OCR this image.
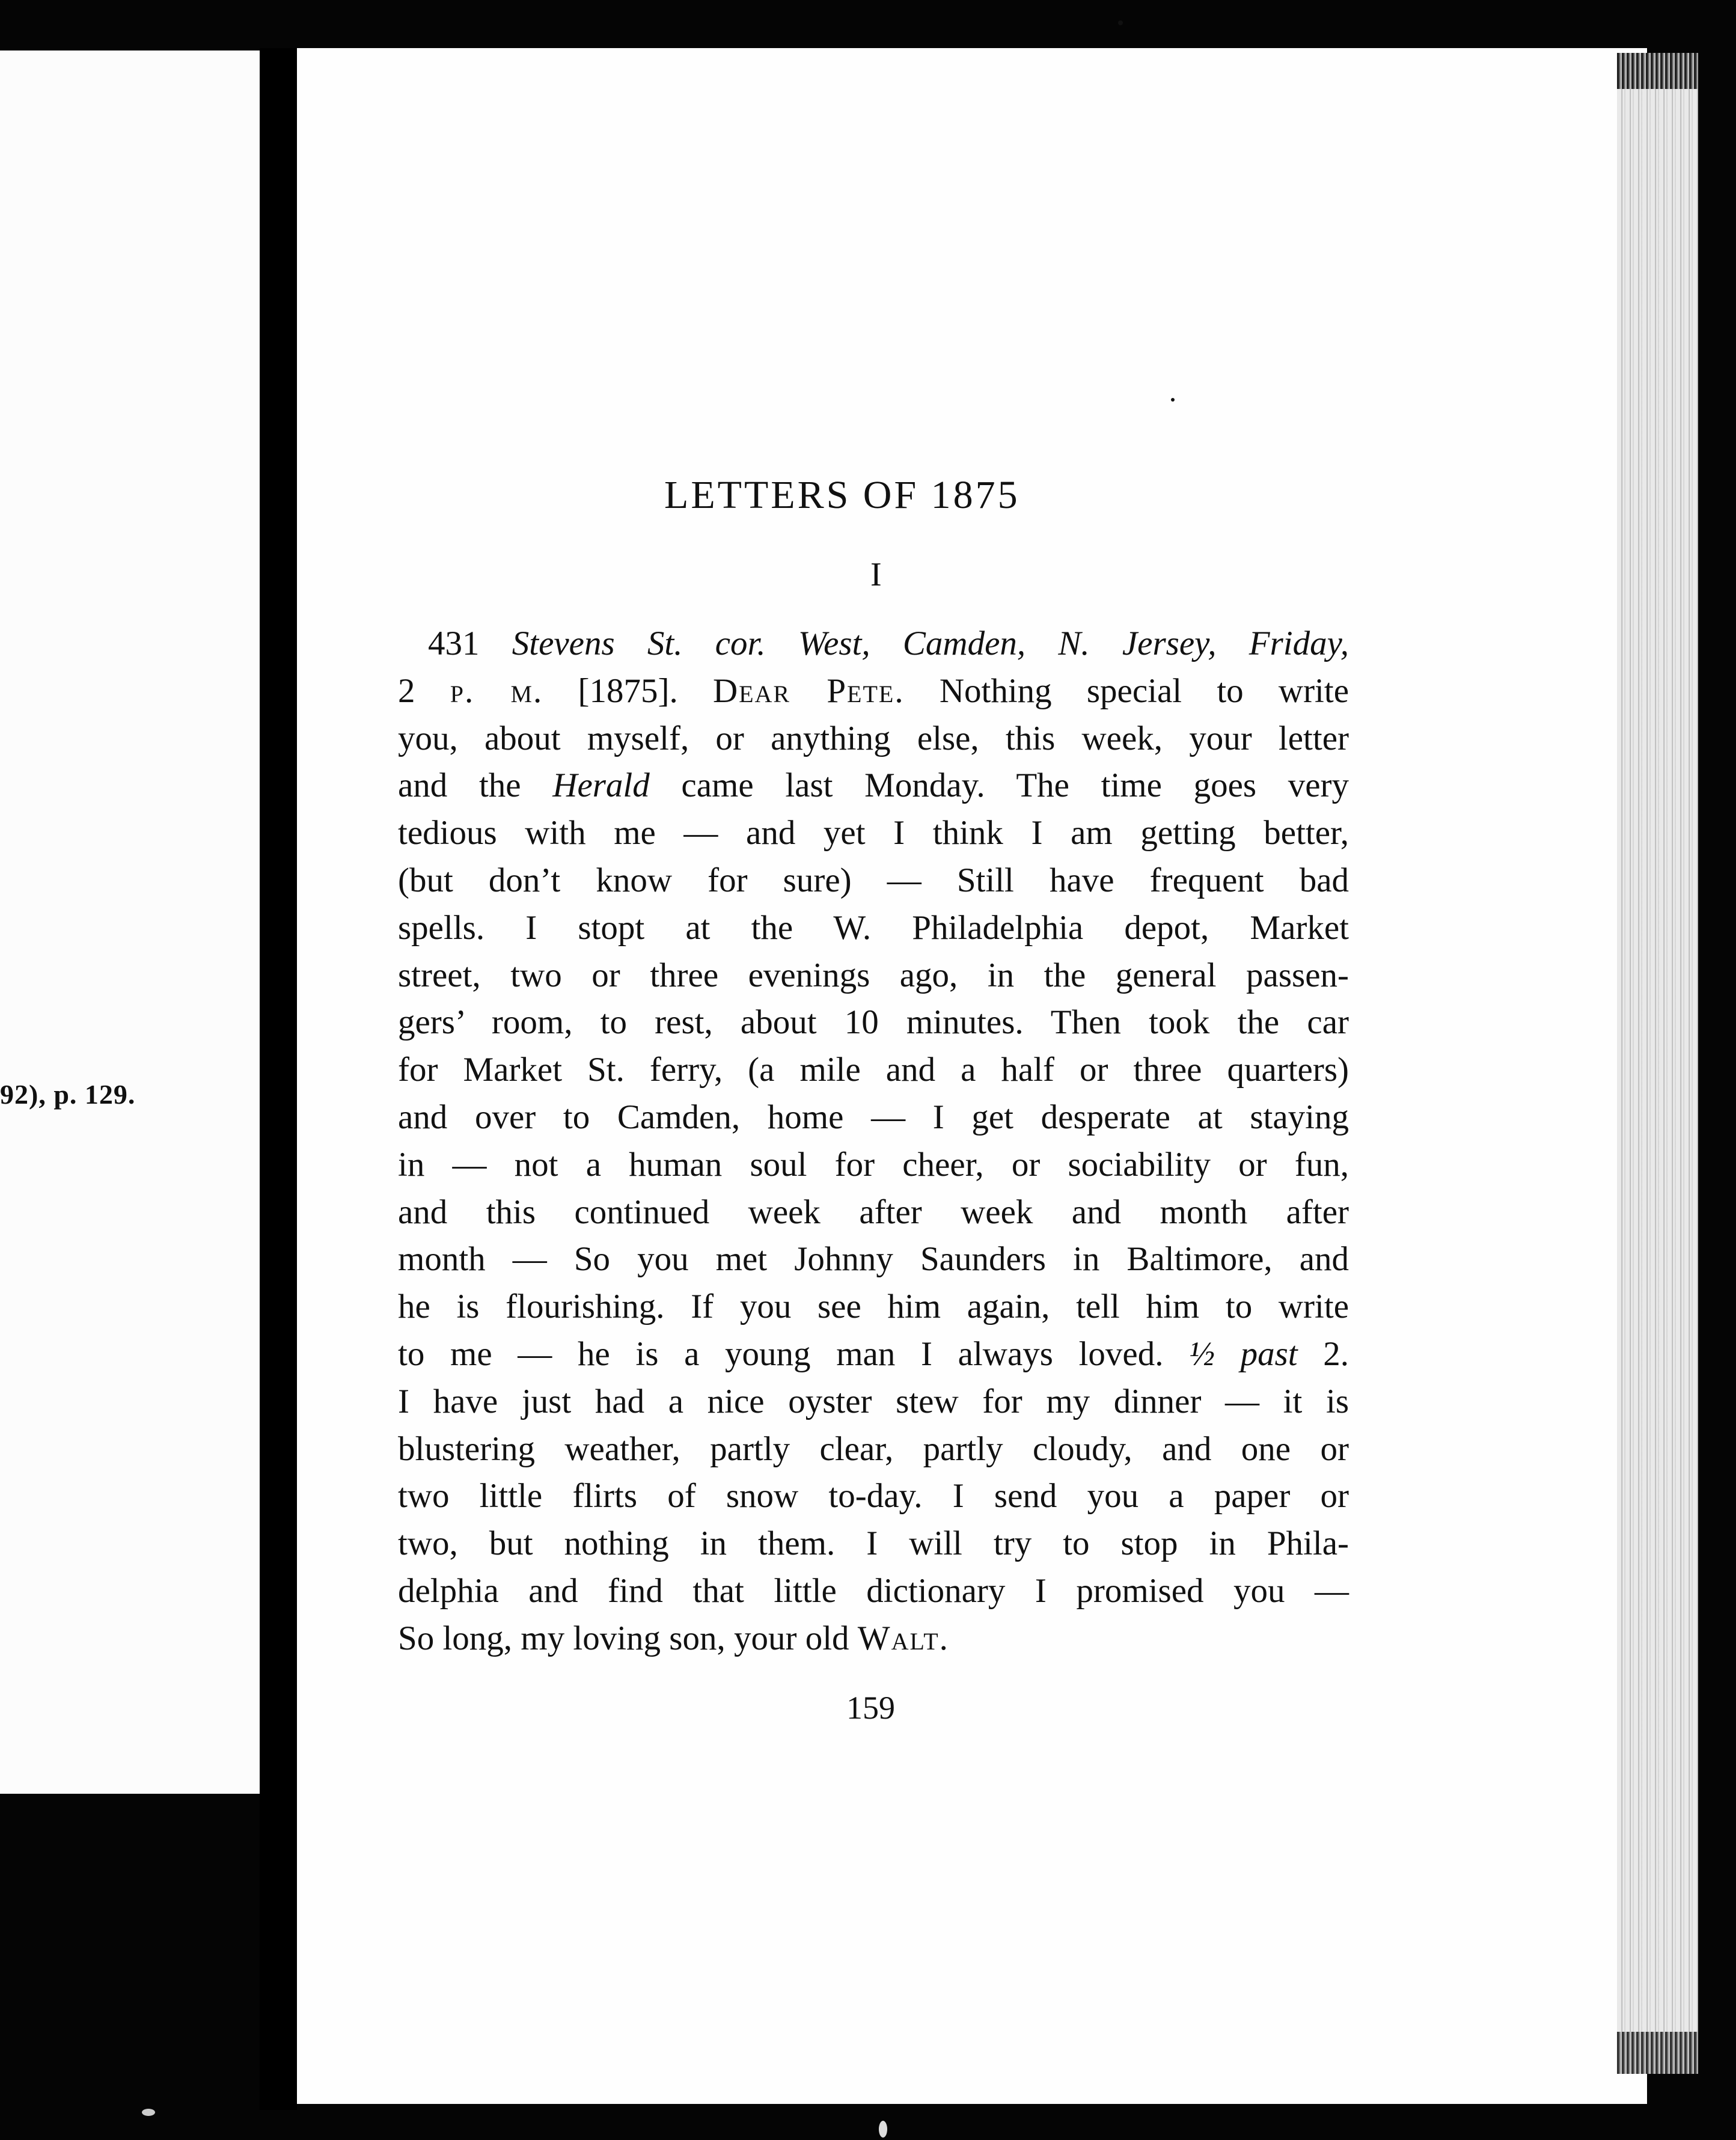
92), p. 129.
LETTERS OF 1875
I
431 Stevens St. cor. West, Camden, N. Jersey, Friday,
2 p. m. [1875]. Dear Pete. Nothing special to write
you, about myself, or anything else, this week, your letter
and the Herald came last Monday. The time goes very
tedious with me — and yet I think I am getting better,
(but don’t know for sure) — Still have frequent bad
spells. I stopt at the W. Philadelphia depot, Market
street, two or three evenings ago, in the general passen-
gers’ room, to rest, about 10 minutes. Then took the car
for Market St. ferry, (a mile and a half or three quarters)
and over to Camden, home — I get desperate at staying
in — not a human soul for cheer, or sociability or fun,
and this continued week after week and month after
month — So you met Johnny Saunders in Baltimore, and
he is flourishing. If you see him again, tell him to write
to me — he is a young man I always loved. ½ past 2.
I have just had a nice oyster stew for my dinner — it is
blustering weather, partly clear, partly cloudy, and one or
two little flirts of snow to-day. I send you a paper or
two, but nothing in them. I will try to stop in Phila-
delphia and find that little dictionary I promised you —
So long, my loving son, your old Walt.
159
